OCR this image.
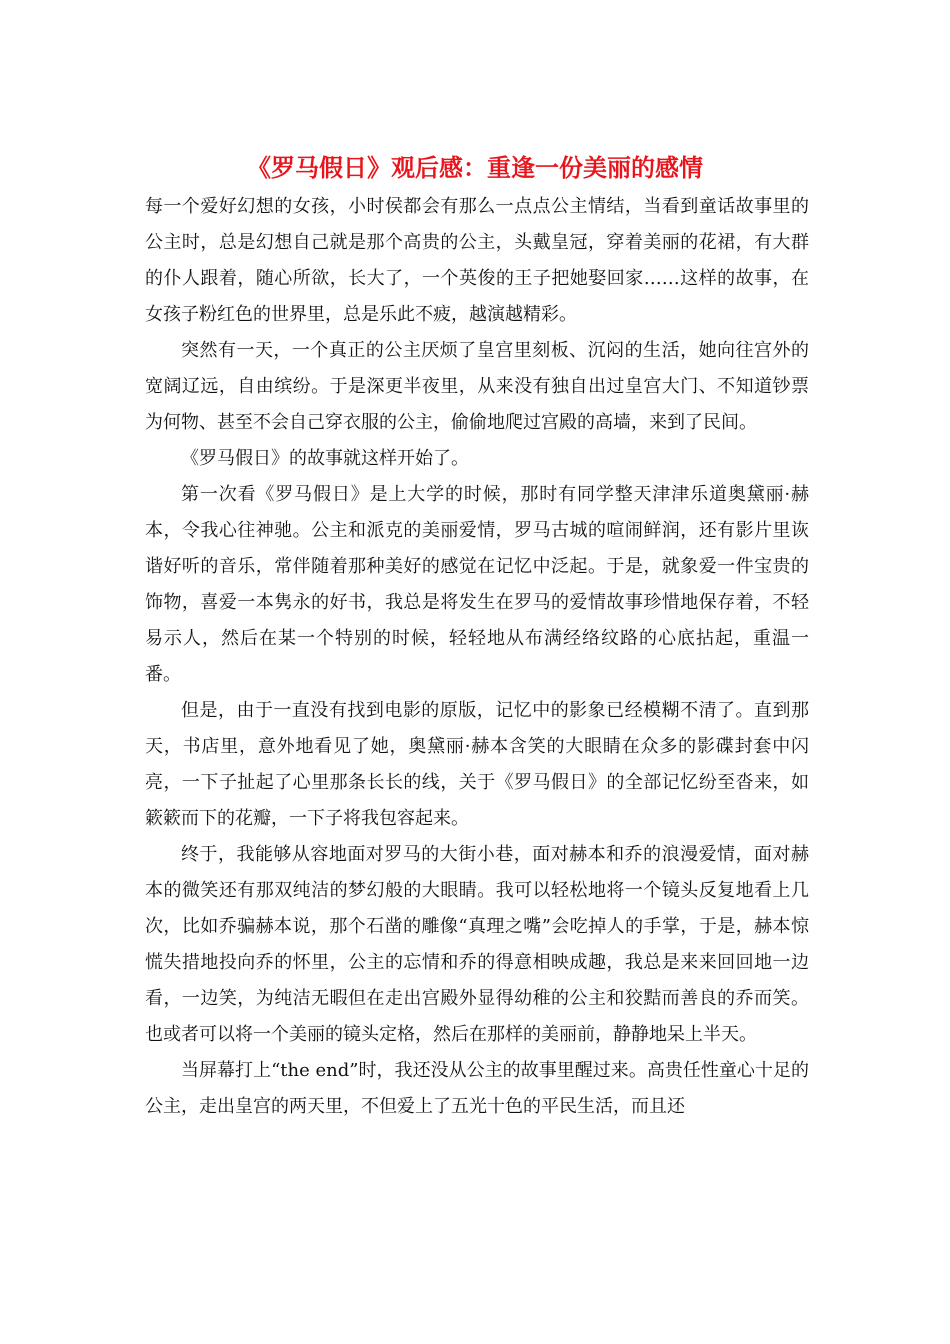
《罗马假日》观后感：重逢一份美丽的感情

每一个爱好幻想的女孩，小时侯都会有那么一点点公主情结，当看到童话故事里的公主时，总是幻想自己就是那个高贵的公主，头戴皇冠，穿着美丽的花裙，有大群的仆人跟着，随心所欲，长大了，一个英俊的王子把她娶回家……这样的故事，在女孩子粉红色的世界里，总是乐此不疲，越演越精彩。

突然有一天，一个真正的公主厌烦了皇宫里刻板、沉闷的生活，她向往宫外的宽阔辽远，自由缤纷。于是深更半夜里，从来没有独自出过皇宫大门、不知道钞票为何物、甚至不会自己穿衣服的公主，偷偷地爬过宫殿的高墙，来到了民间。

《罗马假日》的故事就这样开始了。

第一次看《罗马假日》是上大学的时候，那时有同学整天津津乐道奥黛丽·赫本，令我心往神驰。公主和派克的美丽爱情，罗马古城的喧闹鲜润，还有影片里诙谐好听的音乐，常伴随着那种美好的感觉在记忆中泛起。于是，就象爱一件宝贵的饰物，喜爱一本隽永的好书，我总是将发生在罗马的爱情故事珍惜地保存着，不轻易示人，然后在某一个特别的时候，轻轻地从布满经络纹路的心底拈起，重温一番。

但是，由于一直没有找到电影的原版，记忆中的影象已经模糊不清了。直到那天，书店里，意外地看见了她，奥黛丽·赫本含笑的大眼睛在众多的影碟封套中闪亮，一下子扯起了心里那条长长的线，关于《罗马假日》的全部记忆纷至沓来，如簌簌而下的花瓣，一下子将我包容起来。

终于，我能够从容地面对罗马的大街小巷，面对赫本和乔的浪漫爱情，面对赫本的微笑还有那双纯洁的梦幻般的大眼睛。我可以轻松地将一个镜头反复地看上几次，比如乔骗赫本说，那个石凿的雕像“真理之嘴”会吃掉人的手掌，于是，赫本惊慌失措地投向乔的怀里，公主的忘情和乔的得意相映成趣，我总是来来回回地一边看，一边笑，为纯洁无暇但在走出宫殿外显得幼稚的公主和狡黠而善良的乔而笑。也或者可以将一个美丽的镜头定格，然后在那样的美丽前，静静地呆上半天。

当屏幕打上“the end”时，我还没从公主的故事里醒过来。高贵任性童心十足的公主，走出皇宫的两天里，不但爱上了五光十色的平民生活，而且还
